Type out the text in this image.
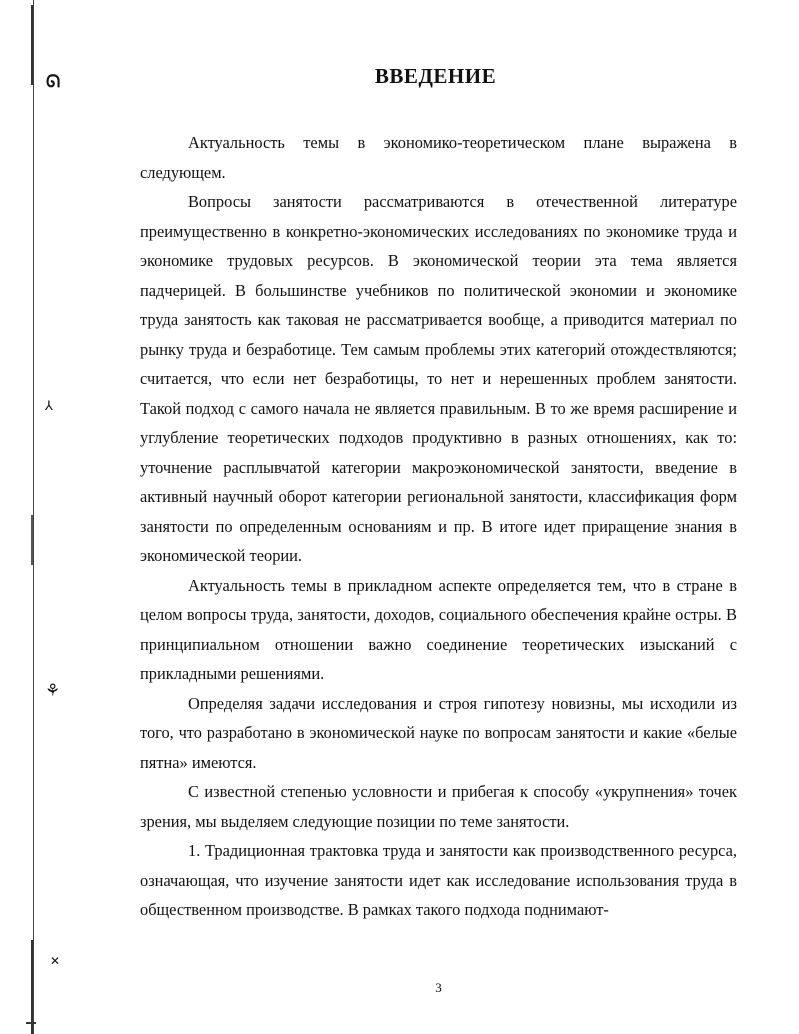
ᘏ
⅄
⚘
✕
ВВЕДЕНИЕ

Актуальность темы в экономико-теоретическом плане выражена в следующем.

Вопросы занятости рассматриваются в отечественной литературе преимущественно в конкретно-экономических исследованиях по экономике труда и экономике трудовых ресурсов. В экономической теории эта тема является падчерицей. В большинстве учебников по политической экономии и экономике труда занятость как таковая не рассматривается вообще, а приводится материал по рынку труда и безработице. Тем самым проблемы этих категорий отождествляются; считается, что если нет безработицы, то нет и нерешенных проблем занятости. Такой подход с самого начала не является правильным. В то же время расширение и углубление теоретических подходов продуктивно в разных отношениях, как то: уточнение расплывчатой категории макроэкономической занятости, введение в активный научный оборот категории региональной занятости, классификация форм занятости по определенным основаниям и пр. В итоге идет приращение знания в экономической теории.

Актуальность темы в прикладном аспекте определяется тем, что в стране в целом вопросы труда, занятости, доходов, социального обеспечения крайне остры. В принципиальном отношении важно соединение теоретических изысканий с прикладными решениями.

Определяя задачи исследования и строя гипотезу новизны, мы исходили из того, что разработано в экономической науке по вопросам занятости и какие «белые пятна» имеются.

С известной степенью условности и прибегая к способу «укрупнения» точек зрения, мы выделяем следующие позиции по теме занятости.

1. Традиционная трактовка труда и занятости как производственного ресурса, означающая, что изучение занятости идет как исследование использования труда в общественном производстве. В рамках такого подхода поднимают-

3
